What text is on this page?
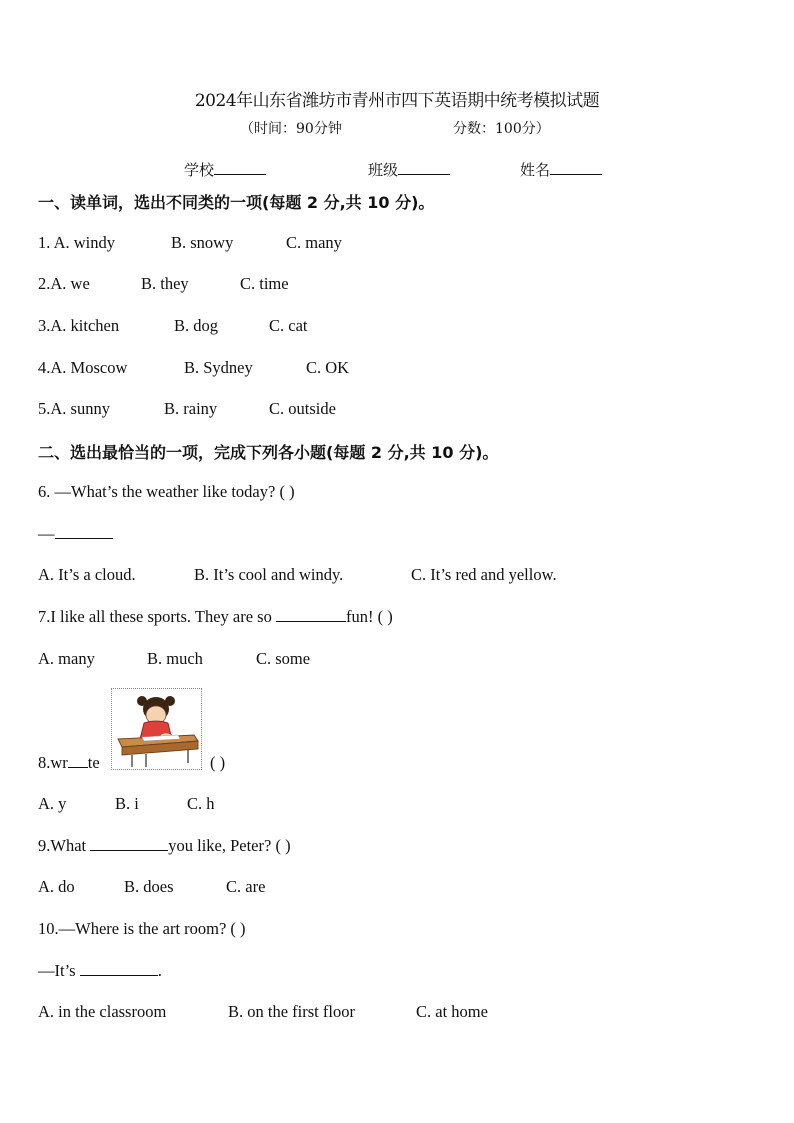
2024年山东省潍坊市青州市四下英语期中统考模拟试题
（时间：90分钟	分数：100分）
学校	班级	姓名
一、读单词，选出不同类的一项(每题 2 分,共 10 分)。
1. A. windy	B. snowy	C. many
2.A. we	B. they	C. time
3.A. kitchen	B. dog	C. cat
4.A. Moscow	B. Sydney	C. OK
5.A. sunny	B. rainy	C. outside
二、选出最恰当的一项，完成下列各小题(每题 2 分,共 10 分)。
6. —What’s the weather like today? ( )
—
A. It’s a cloud.	B. It’s cool and windy.	C. It’s red and yellow.
7.I like all these sports. They are so	fun! ( )
A. many	B. much	C. some
8.wr te	( )
A. y	B. i	C. h
9.What	you like, Peter? ( )
A. do	B. does	C. are
10.—Where is the art room? ( )
—It’s	.
A. in the classroom	B. on the first floor	C. at home
